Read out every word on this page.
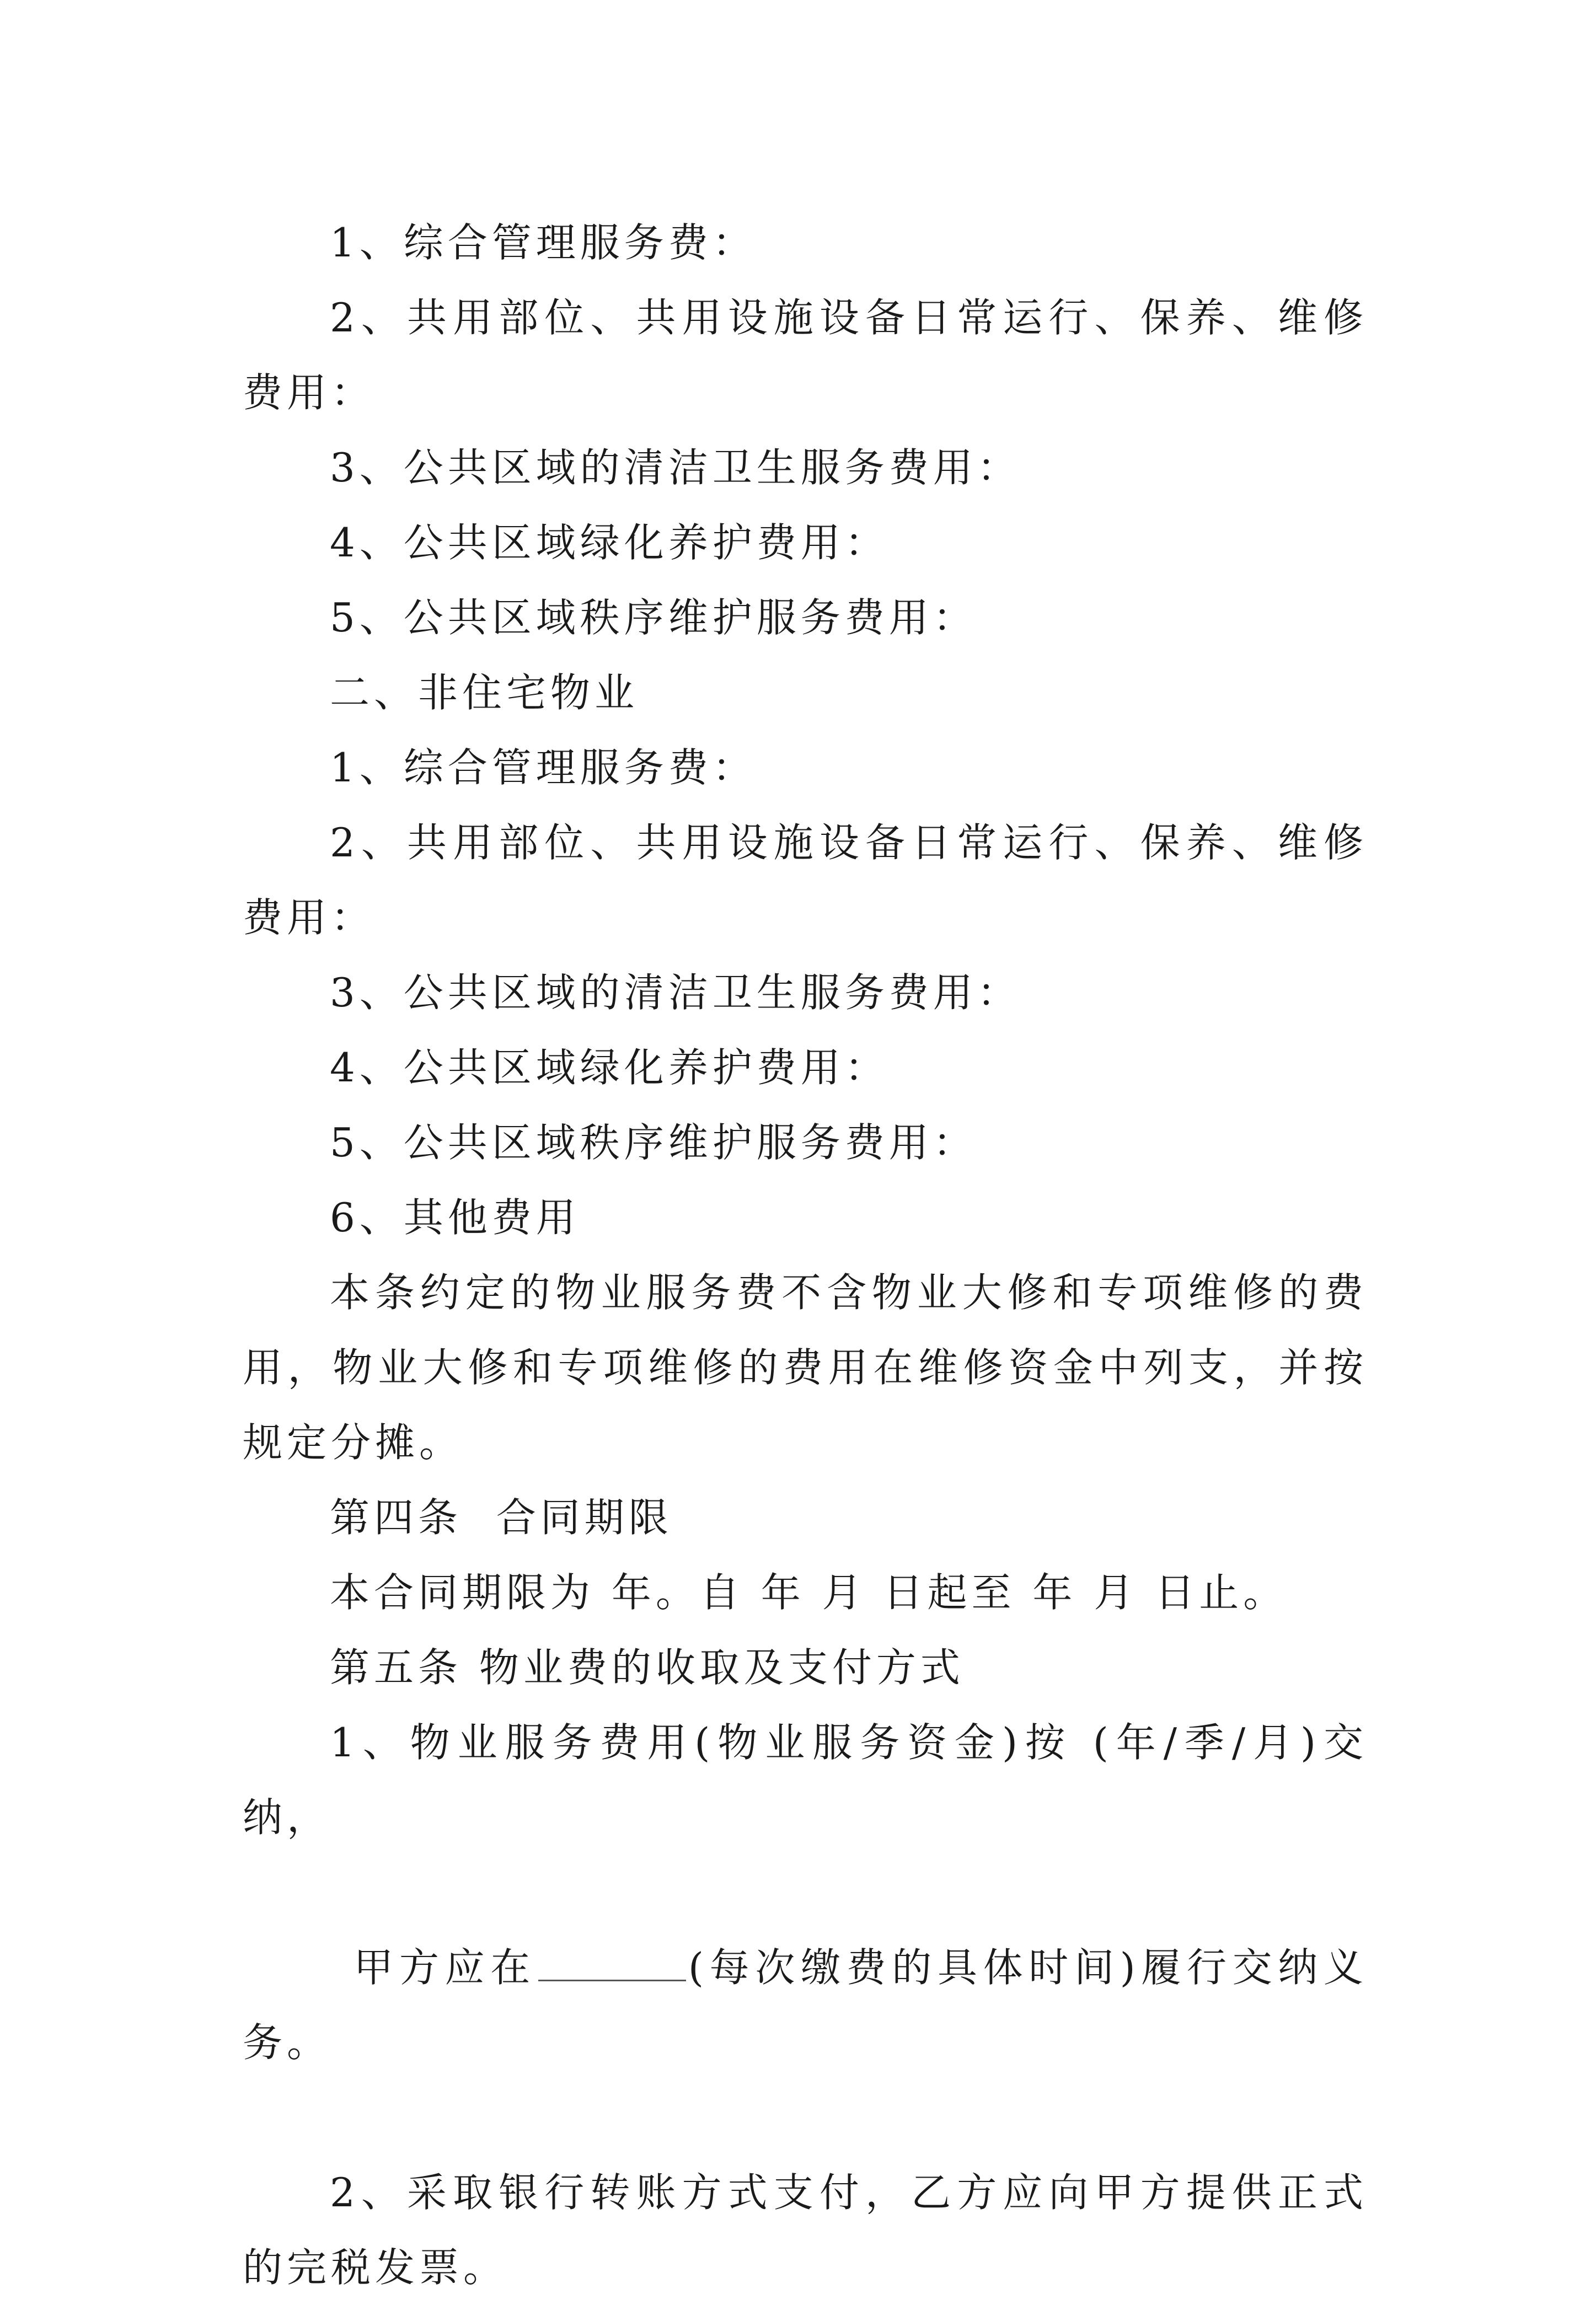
1、综合管理服务费：

2、共用部位、共用设施设备日常运行、保养、维修费用：

3、公共区域的清洁卫生服务费用：

4、公共区域绿化养护费用：

5、公共区域秩序维护服务费用：

二、非住宅物业

1、综合管理服务费：

2、共用部位、共用设施设备日常运行、保养、维修费用：

3、公共区域的清洁卫生服务费用：

4、公共区域绿化养护费用：

5、公共区域秩序维护服务费用：

6、其他费用

本条约定的物业服务费不含物业大修和专项维修的费用，物业大修和专项维修的费用在维修资金中列支，并按规定分摊。

第四条  合同期限

本合同期限为 年。自 年 月 日起至 年 月 日止。

第五条 物业费的收取及支付方式

1、物业服务费用(物业服务资金)按 (年/季/月)交纳，

甲方应在	(每次缴费的具体时间)履行交纳义务。

2、采取银行转账方式支付，乙方应向甲方提供正式的完税发票。
